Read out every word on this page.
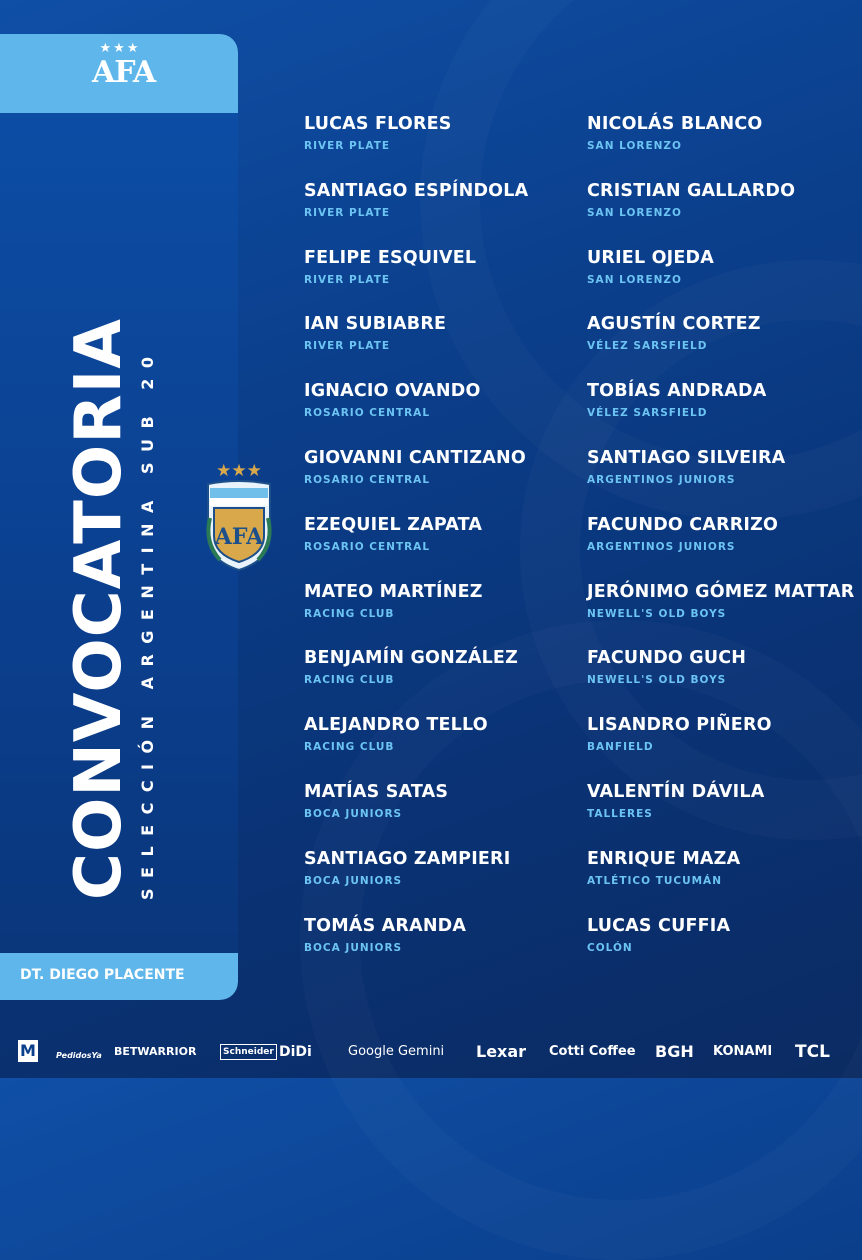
★★★
AFA
CONVOCATORIA SELECCIÓN ARGENTINA SUB 20
DT. DIEGO PLACENTE
★★★
AFA
LUCAS FLORES
RIVER PLATE
SANTIAGO ESPÍNDOLA
RIVER PLATE
FELIPE ESQUIVEL
RIVER PLATE
IAN SUBIABRE
RIVER PLATE
IGNACIO OVANDO
ROSARIO CENTRAL
GIOVANNI CANTIZANO
ROSARIO CENTRAL
EZEQUIEL ZAPATA
ROSARIO CENTRAL
MATEO MARTÍNEZ
RACING CLUB
BENJAMÍN GONZÁLEZ
RACING CLUB
ALEJANDRO TELLO
RACING CLUB
MATÍAS SATAS
BOCA JUNIORS
SANTIAGO ZAMPIERI
BOCA JUNIORS
TOMÁS ARANDA
BOCA JUNIORS
NICOLÁS BLANCO
SAN LORENZO
CRISTIAN GALLARDO
SAN LORENZO
URIEL OJEDA
SAN LORENZO
AGUSTÍN CORTEZ
VÉLEZ SARSFIELD
TOBÍAS ANDRADA
VÉLEZ SARSFIELD
SANTIAGO SILVEIRA
ARGENTINOS JUNIORS
FACUNDO CARRIZO
ARGENTINOS JUNIORS
JERÓNIMO GÓMEZ MATTAR
NEWELL'S OLD BOYS
FACUNDO GUCH
NEWELL'S OLD BOYS
LISANDRO PIÑERO
BANFIELD
VALENTÍN DÁVILA
TALLERES
ENRIQUE MAZA
ATLÉTICO TUCUMÁN
LUCAS CUFFIA
COLÓN
M	PedidosYa BETWARRIOR	Schneider DiDi	Google Gemini Lexar Cotti Coffee BGH KONAMI TCL
